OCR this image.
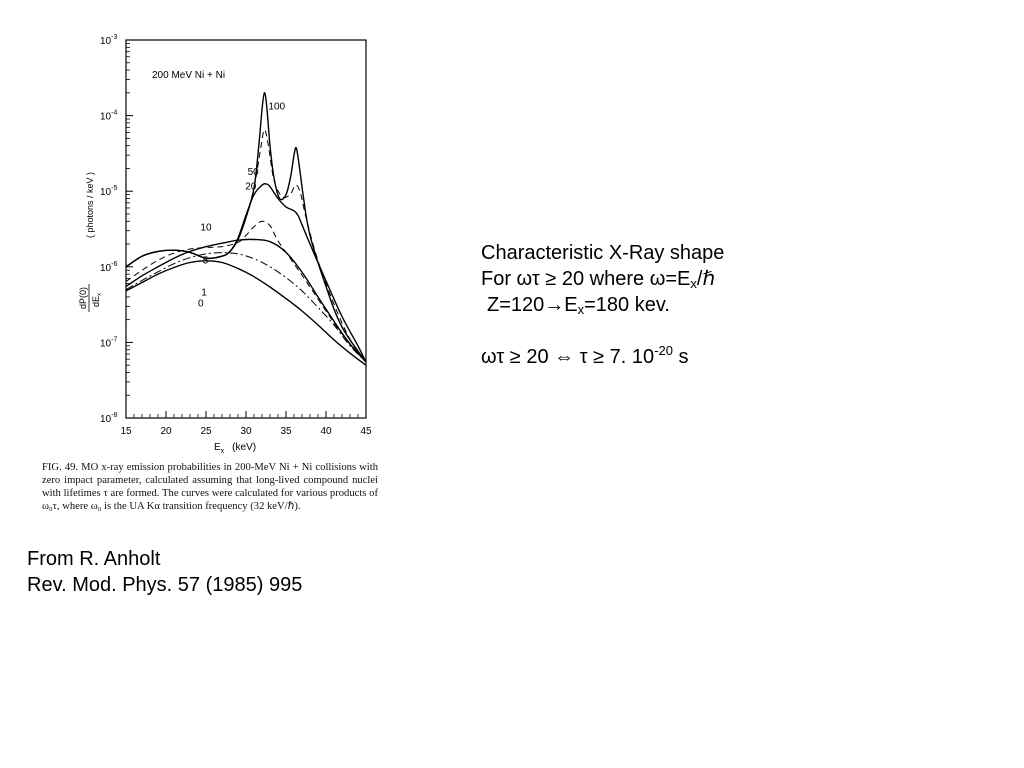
$10^{-3}$
$10^{-4}$
$10^{-5}$
$10^{-6}$
$10^{-7}$
$10^{-8}$
15	20	25	30	35	40	45
0
1
5
10
20
50
100
200 MeV Ni + Ni
$E_x$ (keV)
dP(0) $dE_x$
( photons / keV )

FIG. 49. MO x-ray emission probabilities in 200-MeV Ni + Ni collisions with zero impact parameter, calculated assuming that long-lived compound nuclei with lifetimes τ are formed. The curves were calculated for various products of ω₀τ, where ω₀ is the UA Kα transition frequency (32 keV/ℏ).

From R. Anholt
Rev. Mod. Phys. 57 (1985) 995
Characteristic X-Ray shape
For ωτ ≥ 20 where $\omega=E_x/\hbar$
$Z=120\to E_x=180$ kev.
ωτ ≥ 20 ⇔ τ ≥ 7. $10^{-20}$ s
